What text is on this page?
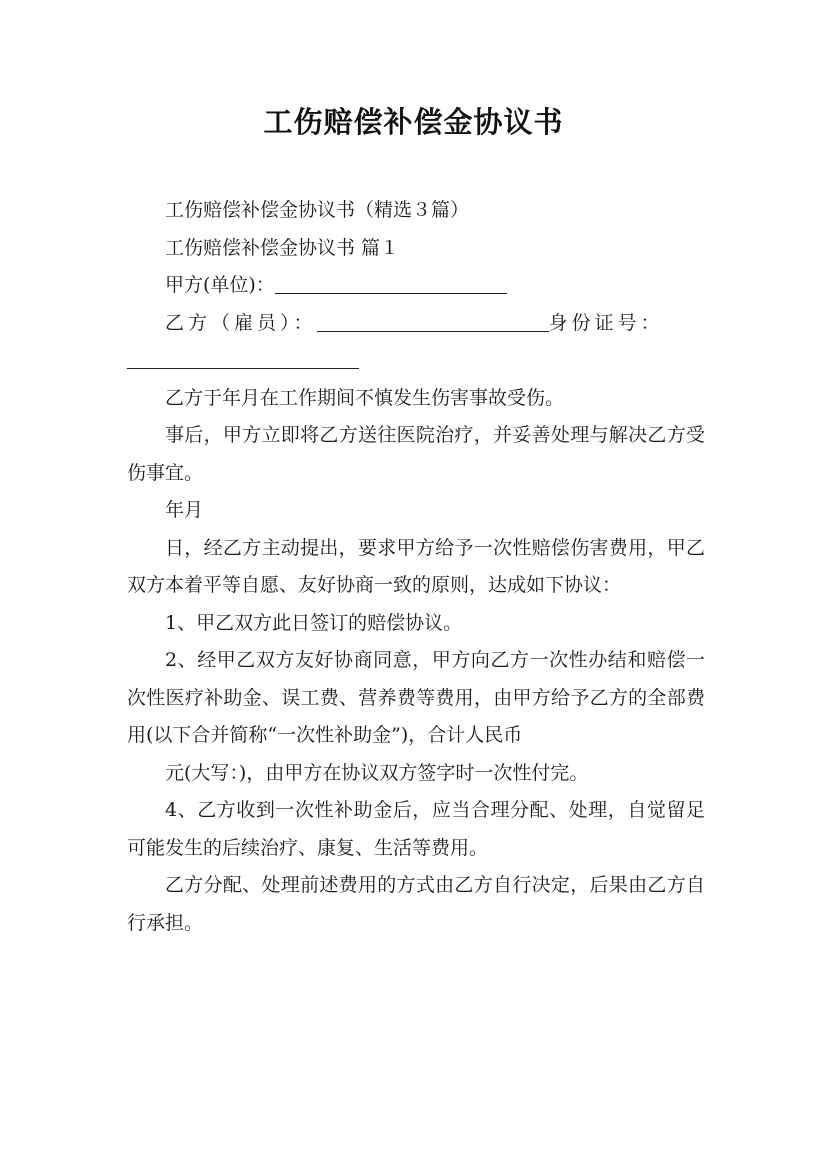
工伤赔偿补偿金协议书

工伤赔偿补偿金协议书（精选３篇）

工伤赔偿补偿金协议书 篇１

甲方(单位)：

乙方（雇员）：	身份证号：

乙方于年月在工作期间不慎发生伤害事故受伤。

事后，甲方立即将乙方送往医院治疗，并妥善处理与解决乙方受伤事宜。

年月

日，经乙方主动提出，要求甲方给予一次性赔偿伤害费用，甲乙双方本着平等自愿、友好协商一致的原则，达成如下协议：

1、甲乙双方此日签订的赔偿协议。

2、经甲乙双方友好协商同意，甲方向乙方一次性办结和赔偿一次性医疗补助金、误工费、营养费等费用，由甲方给予乙方的全部费用(以下合并简称“一次性补助金”)，合计人民币

元(大写：)，由甲方在协议双方签字时一次性付完。

4、乙方收到一次性补助金后，应当合理分配、处理，自觉留足可能发生的后续治疗、康复、生活等费用。

乙方分配、处理前述费用的方式由乙方自行决定，后果由乙方自行承担。
